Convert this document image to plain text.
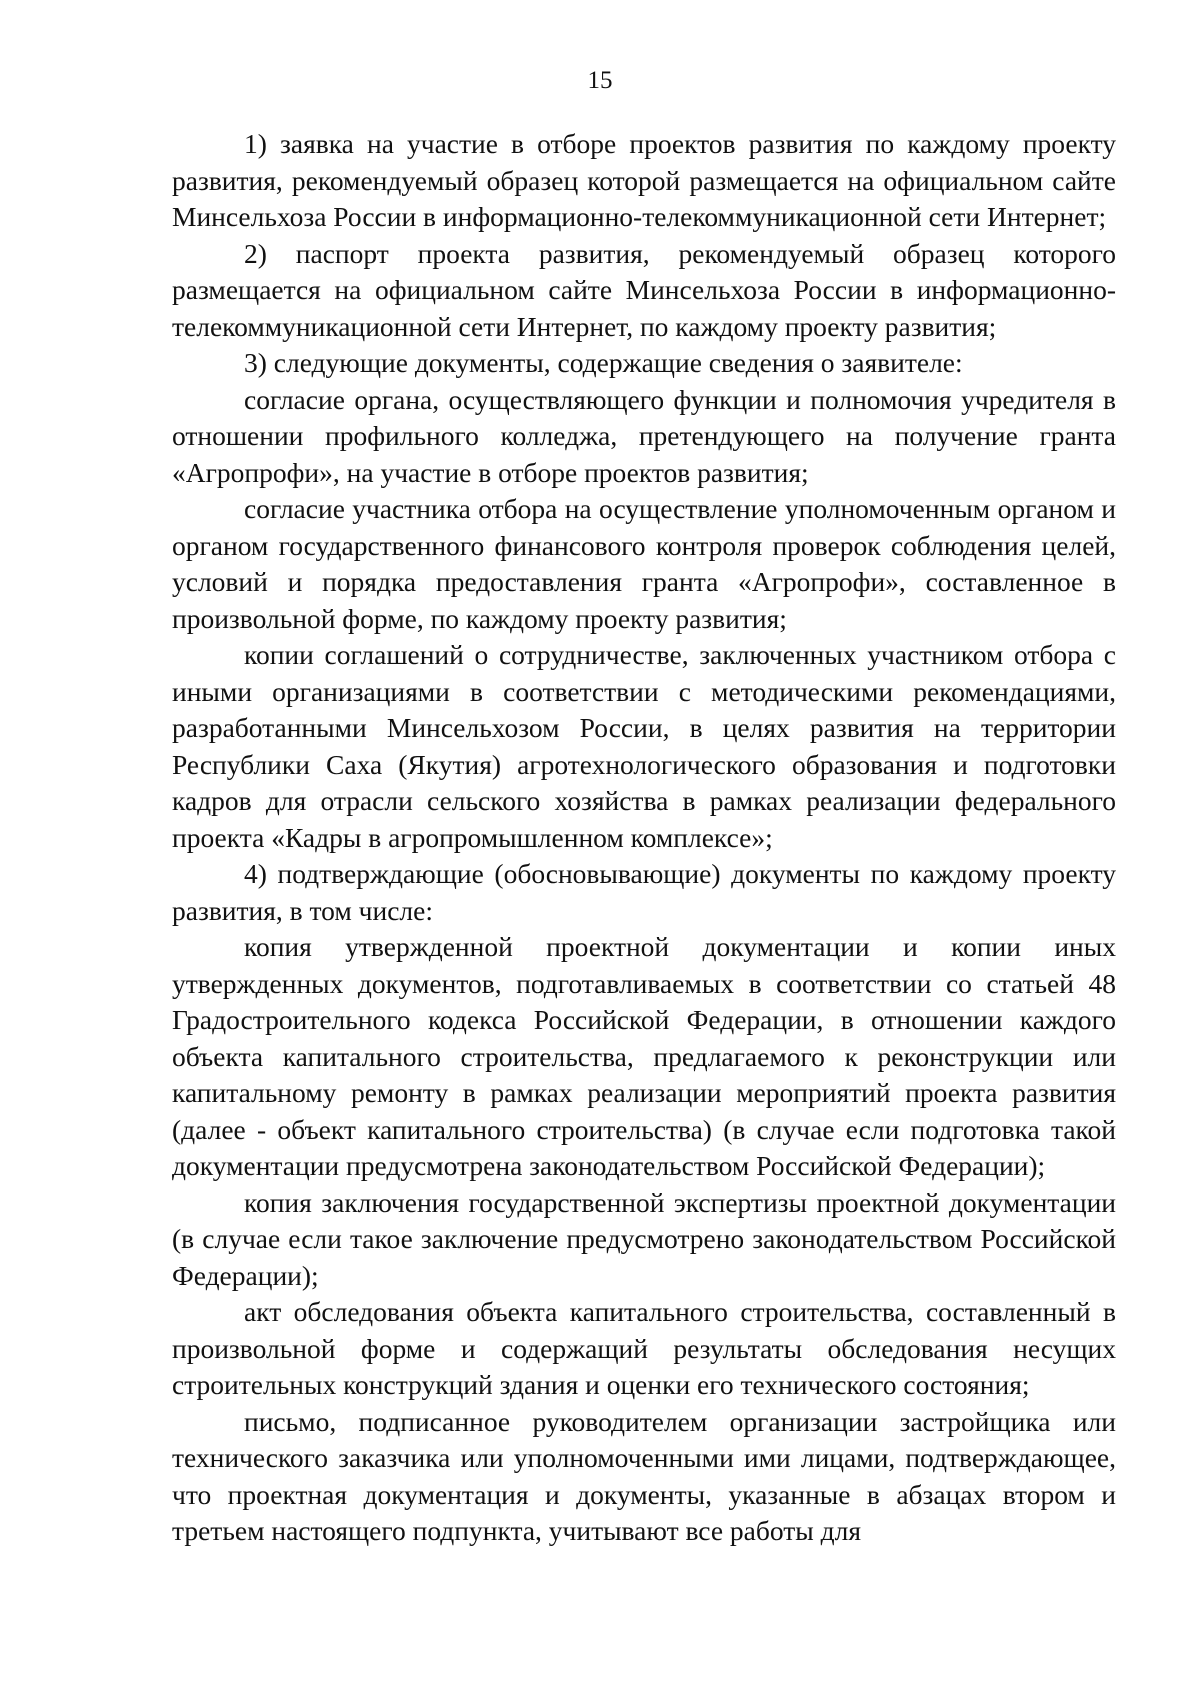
15

1) заявка на участие в отборе проектов развития по каждому проекту развития, рекомендуемый образец которой размещается на официальном сайте Минсельхоза России в информационно-телекоммуникационной сети Интернет;

2) паспорт проекта развития, рекомендуемый образец которого размещается на официальном сайте Минсельхоза России в информационно-телекоммуникационной сети Интернет, по каждому проекту развития;

3) следующие документы, содержащие сведения о заявителе:

согласие органа, осуществляющего функции и полномочия учредителя в отношении профильного колледжа, претендующего на получение гранта «Агропрофи», на участие в отборе проектов развития;

согласие участника отбора на осуществление уполномоченным органом и органом государственного финансового контроля проверок соблюдения целей, условий и порядка предоставления гранта «Агропрофи», составленное в произвольной форме, по каждому проекту развития;

копии соглашений о сотрудничестве, заключенных участником отбора с иными организациями в соответствии с методическими рекомендациями, разработанными Минсельхозом России, в целях развития на территории Республики Саха (Якутия) агротехнологического образования и подготовки кадров для отрасли сельского хозяйства в рамках реализации федерального проекта «Кадры в агропромышленном комплексе»;

4) подтверждающие (обосновывающие) документы по каждому проекту развития, в том числе:

копия утвержденной проектной документации и копии иных утвержденных документов, подготавливаемых в соответствии со статьей 48 Градостроительного кодекса Российской Федерации, в отношении каждого объекта капитального строительства, предлагаемого к реконструкции или капитальному ремонту в рамках реализации мероприятий проекта развития (далее - объект капитального строительства) (в случае если подготовка такой документации предусмотрена законодательством Российской Федерации);

копия заключения государственной экспертизы проектной документации (в случае если такое заключение предусмотрено законодательством Российской Федерации);

акт обследования объекта капитального строительства, составленный в произвольной форме и содержащий результаты обследования несущих строительных конструкций здания и оценки его технического состояния;

письмо, подписанное руководителем организации застройщика или технического заказчика или уполномоченными ими лицами, подтверждающее, что проектная документация и документы, указанные в абзацах втором и третьем настоящего подпункта, учитывают все работы для
